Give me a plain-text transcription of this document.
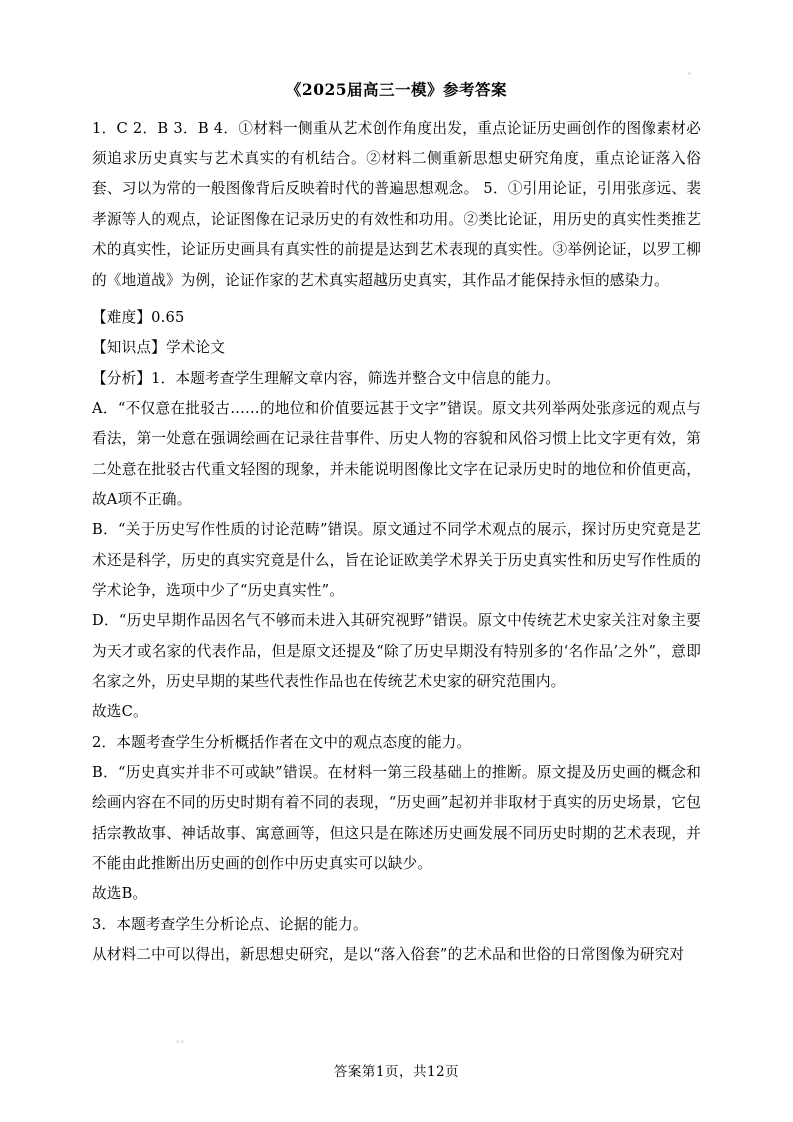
。
《2025届高三一模》参考答案

1．C 2．B 3．B 4．①材料一侧重从艺术创作角度出发，重点论证历史画创作的图像素材必须追求历史真实与艺术真实的有机结合。②材料二侧重新思想史研究角度，重点论证落入俗套、习以为常的一般图像背后反映着时代的普遍思想观念。 5．①引用论证，引用张彦远、裴孝源等人的观点，论证图像在记录历史的有效性和功用。②类比论证，用历史的真实性类推艺术的真实性，论证历史画具有真实性的前提是达到艺术表现的真实性。③举例论证，以罗工柳的《地道战》为例，论证作家的艺术真实超越历史真实，其作品才能保持永恒的感染力。

【难度】0.65

【知识点】学术论文

【分析】1．本题考查学生理解文章内容，筛选并整合文中信息的能力。

A．“不仅意在批驳古……的地位和价值要远甚于文字”错误。原文共列举两处张彦远的观点与看法，第一处意在强调绘画在记录往昔事件、历史人物的容貌和风俗习惯上比文字更有效，第二处意在批驳古代重文轻图的现象，并未能说明图像比文字在记录历史时的地位和价值更高，故A项不正确。

B．“关于历史写作性质的讨论范畴”错误。原文通过不同学术观点的展示，探讨历史究竟是艺术还是科学，历史的真实究竟是什么，旨在论证欧美学术界关于历史真实性和历史写作性质的学术论争，选项中少了“历史真实性”。

D．“历史早期作品因名气不够而未进入其研究视野”错误。原文中传统艺术史家关注对象主要为天才或名家的代表作品，但是原文还提及“除了历史早期没有特别多的‘名作品’之外”，意即名家之外，历史早期的某些代表性作品也在传统艺术史家的研究范围内。

故选C。

2．本题考查学生分析概括作者在文中的观点态度的能力。

B．“历史真实并非不可或缺”错误。在材料一第三段基础上的推断。原文提及历史画的概念和绘画内容在不同的历史时期有着不同的表现，“历史画”起初并非取材于真实的历史场景，它包括宗教故事、神话故事、寓意画等，但这只是在陈述历史画发展不同历史时期的艺术表现，并不能由此推断出历史画的创作中历史真实可以缺少。

故选B。

3．本题考查学生分析论点、论据的能力。

从材料二中可以得出，新思想史研究，是以“落入俗套”的艺术品和世俗的日常图像为研究对

。。
答案第1页，共12页
